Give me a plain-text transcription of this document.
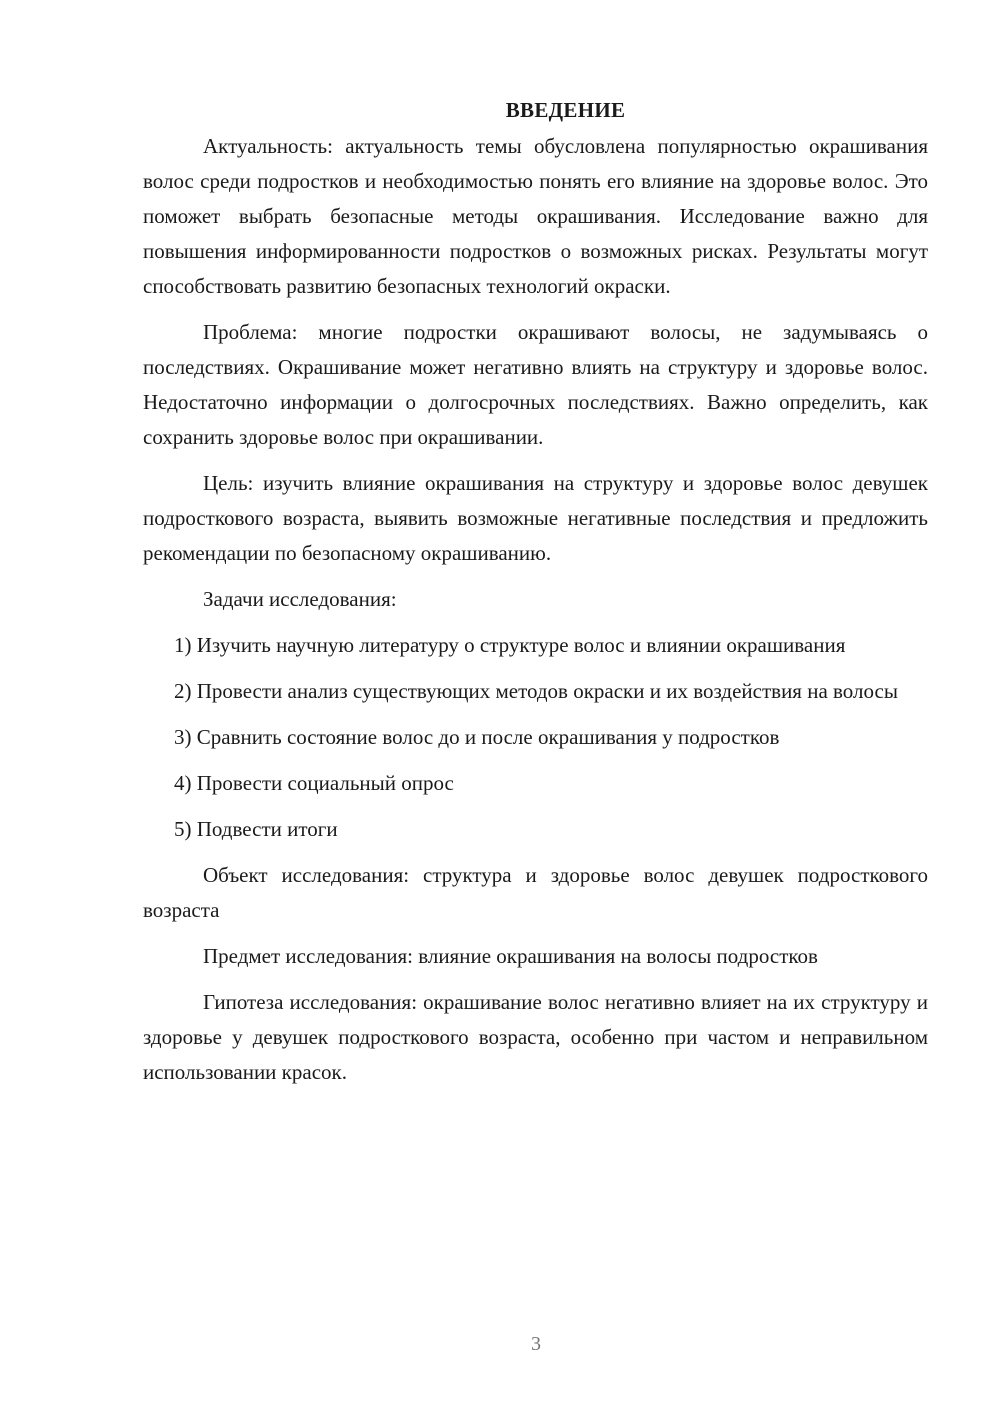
ВВЕДЕНИЕ

Актуальность: актуальность темы обусловлена популярностью окрашивания волос среди подростков и необходимостью понять его влияние на здоровье волос. Это поможет выбрать безопасные методы окрашивания. Исследование важно для повышения информированности подростков о возможных рисках. Результаты могут способствовать развитию безопасных технологий окраски.

Проблема: многие подростки окрашивают волосы, не задумываясь о последствиях. Окрашивание может негативно влиять на структуру и здоровье волос. Недостаточно информации о долгосрочных последствиях. Важно определить, как сохранить здоровье волос при окрашивании.

Цель: изучить влияние окрашивания на структуру и здоровье волос девушек подросткового возраста, выявить возможные негативные последствия и предложить рекомендации по безопасному окрашиванию.

Задачи исследования:

1) Изучить научную литературу о структуре волос и влиянии окрашивания

2) Провести анализ существующих методов окраски и их воздействия на волосы

3) Сравнить состояние волос до и после окрашивания у подростков

4) Провести социальный опрос

5) Подвести итоги

Объект исследования: структура и здоровье волос девушек подросткового возраста

Предмет исследования: влияние окрашивания на волосы подростков

Гипотеза исследования: окрашивание волос негативно влияет на их структуру и здоровье у девушек подросткового возраста, особенно при частом и неправильном использовании красок.

3
